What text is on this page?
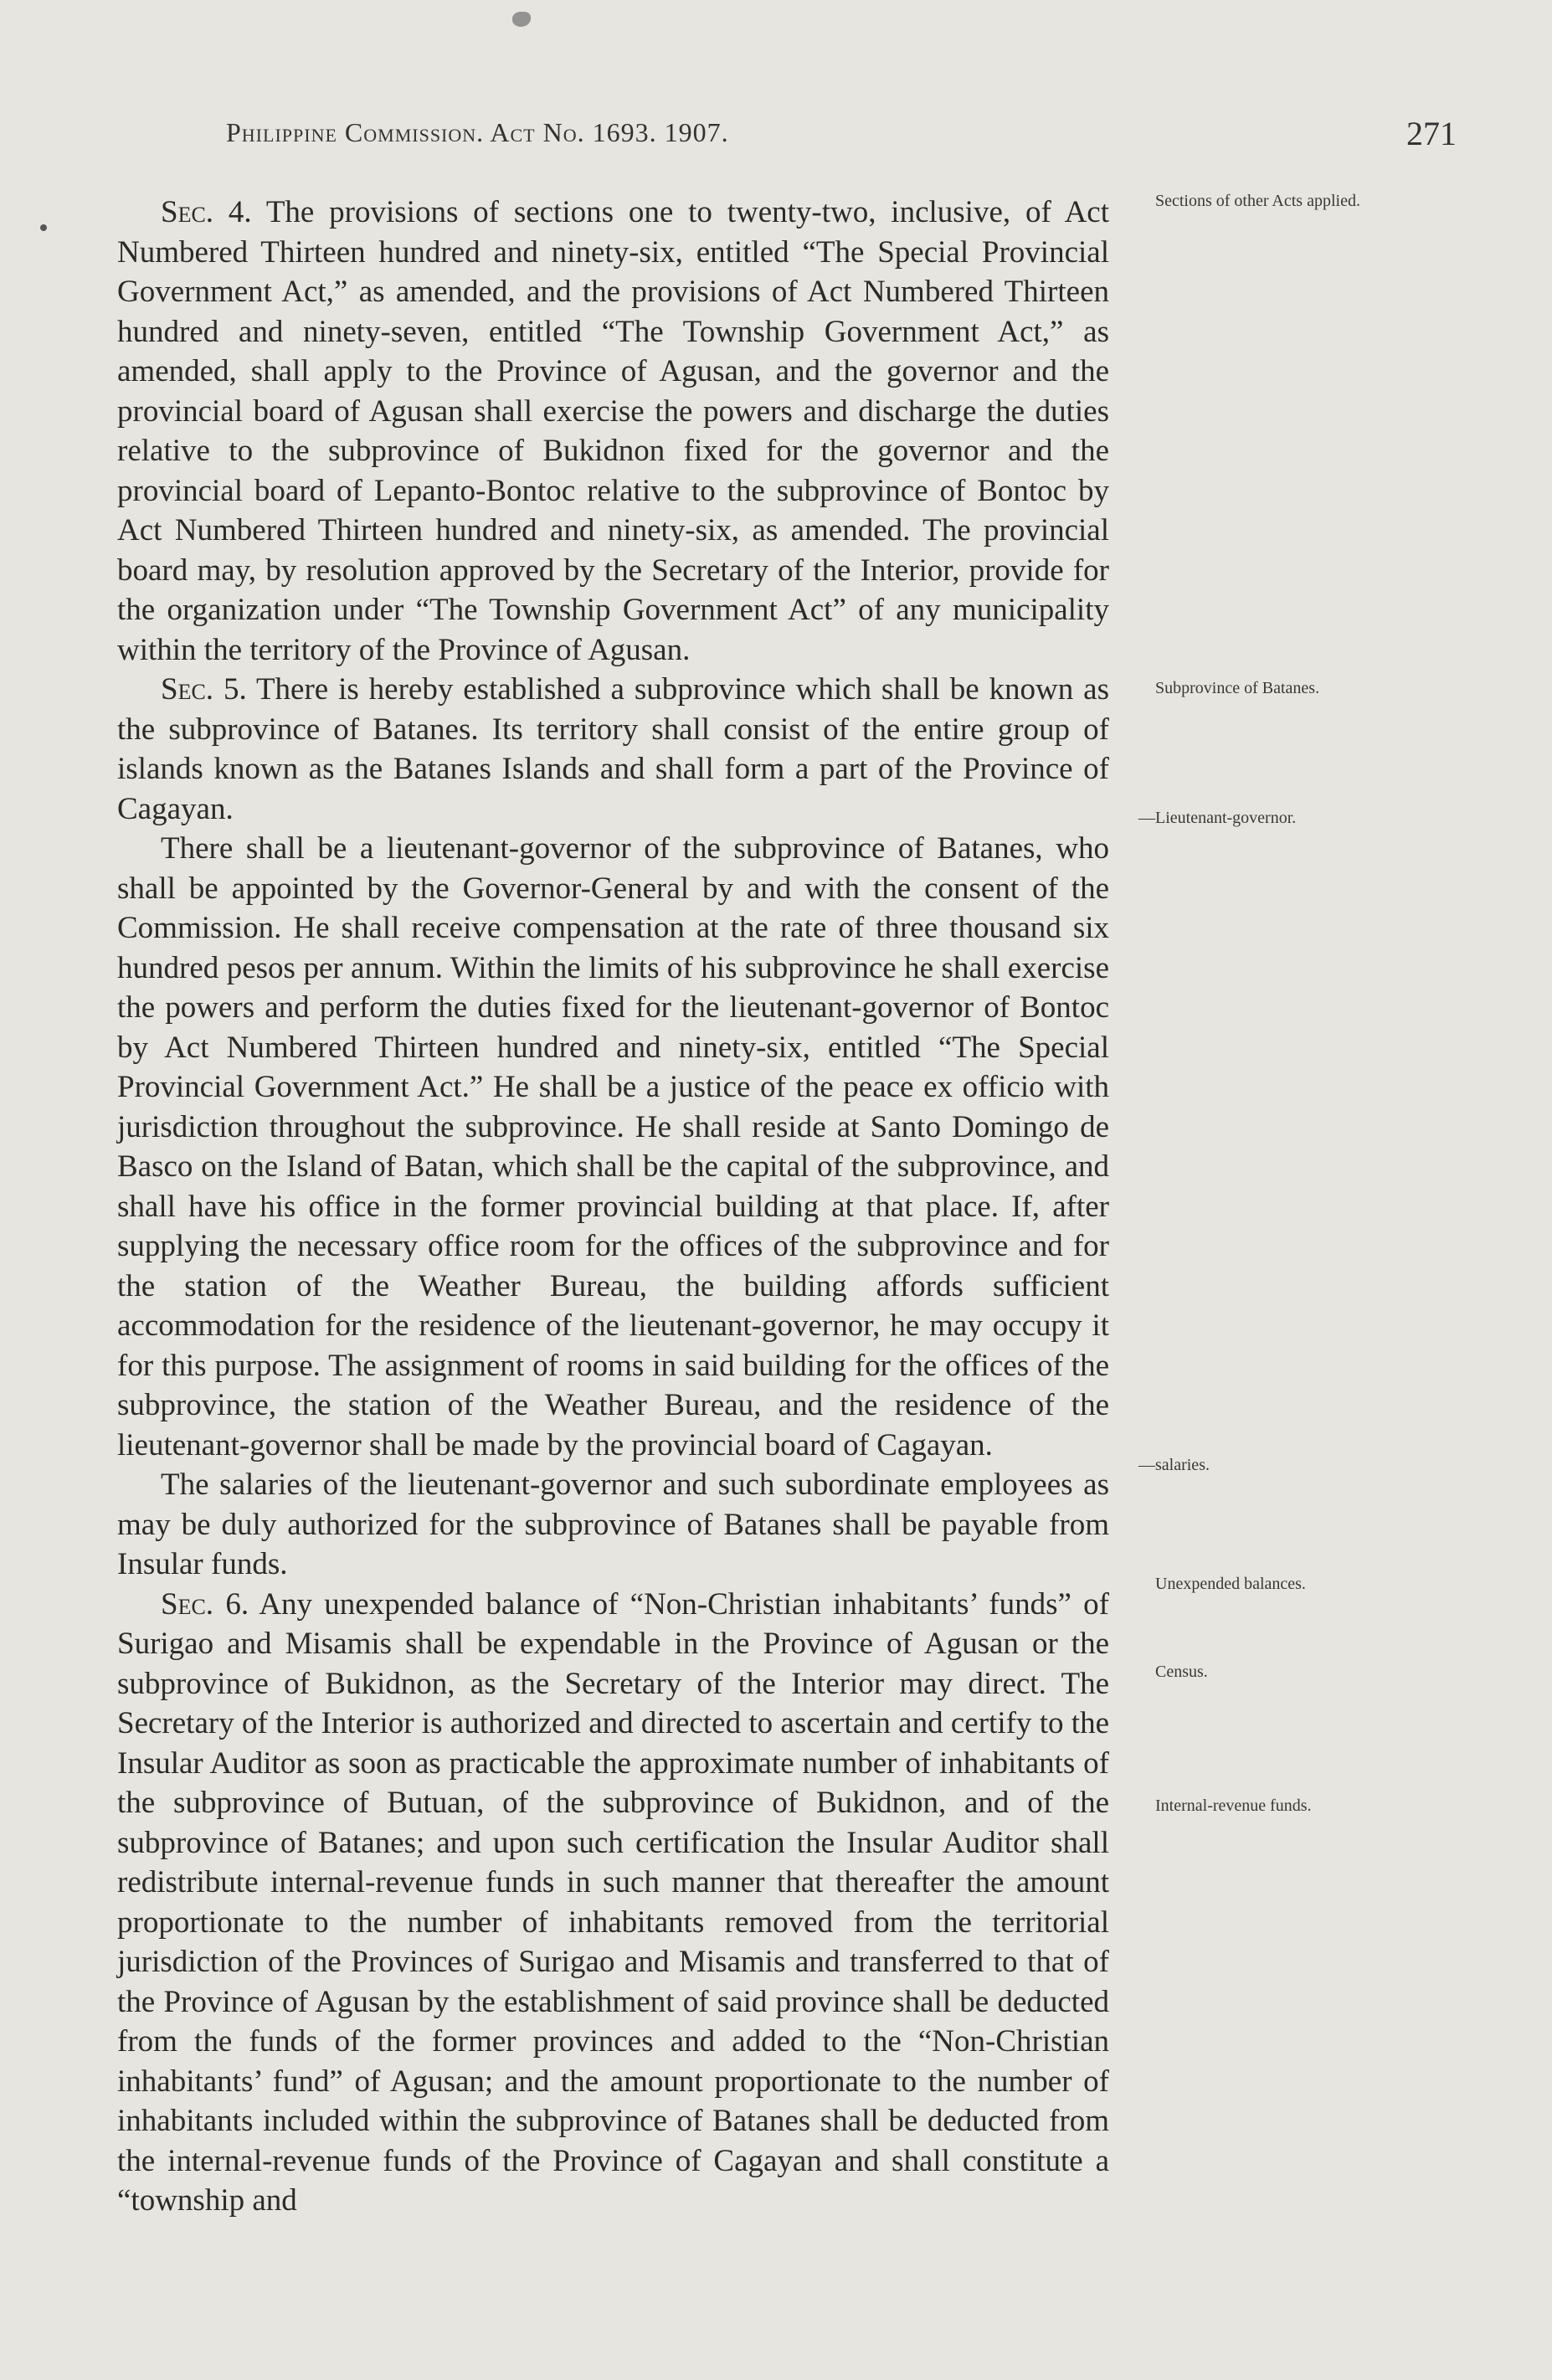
Philippine Commission. Act No. 1693. 1907.	271

Sec. 4. The provisions of sections one to twenty-two, inclusive, of Act Numbered Thirteen hundred and ninety-six, entitled “The Special Provincial Government Act,” as amended, and the provisions of Act Numbered Thirteen hundred and ninety-seven, entitled “The Township Government Act,” as amended, shall apply to the Province of Agusan, and the governor and the provincial board of Agusan shall exercise the powers and discharge the duties relative to the subprovince of Bukidnon fixed for the governor and the provincial board of Lepanto-Bontoc relative to the subprovince of Bontoc by Act Numbered Thirteen hundred and ninety-six, as amended. The provincial board may, by resolution approved by the Secretary of the Interior, provide for the organization under “The Township Government Act” of any municipality within the territory of the Province of Agusan.

Sec. 5. There is hereby established a subprovince which shall be known as the subprovince of Batanes. Its territory shall consist of the entire group of islands known as the Batanes Islands and shall form a part of the Province of Cagayan.

There shall be a lieutenant-governor of the subprovince of Batanes, who shall be appointed by the Governor-General by and with the consent of the Commission. He shall receive compensation at the rate of three thousand six hundred pesos per annum. Within the limits of his subprovince he shall exercise the powers and perform the duties fixed for the lieutenant-governor of Bontoc by Act Numbered Thirteen hundred and ninety-six, entitled “The Special Provincial Government Act.” He shall be a justice of the peace ex officio with jurisdiction throughout the subprovince. He shall reside at Santo Domingo de Basco on the Island of Batan, which shall be the capital of the subprovince, and shall have his office in the former provincial building at that place. If, after supplying the necessary office room for the offices of the subprovince and for the station of the Weather Bureau, the building affords sufficient accommodation for the residence of the lieutenant-governor, he may occupy it for this purpose. The assignment of rooms in said building for the offices of the subprovince, the station of the Weather Bureau, and the residence of the lieutenant-governor shall be made by the provincial board of Cagayan.

The salaries of the lieutenant-governor and such subordinate employees as may be duly authorized for the subprovince of Batanes shall be payable from Insular funds.

Sec. 6. Any unexpended balance of “Non-Christian inhabitants’ funds” of Surigao and Misamis shall be expendable in the Province of Agusan or the subprovince of Bukidnon, as the Secretary of the Interior may direct. The Secretary of the Interior is authorized and directed to ascertain and certify to the Insular Auditor as soon as practicable the approximate number of inhabitants of the subprovince of Butuan, of the subprovince of Bukidnon, and of the subprovince of Batanes; and upon such certification the Insular Auditor shall redistribute internal-revenue funds in such manner that thereafter the amount proportionate to the number of inhabitants removed from the territorial jurisdiction of the Provinces of Surigao and Misamis and transferred to that of the Province of Agusan by the establishment of said province shall be deducted from the funds of the former provinces and added to the “Non-Christian inhabitants’ fund” of Agusan; and the amount proportionate to the number of inhabitants included within the subprovince of Batanes shall be deducted from the internal-revenue funds of the Province of Cagayan and shall constitute a “township and

Sections of other Acts applied.
Subprovince of Batanes.
—Lieutenant-governor.
—salaries.
Unexpended balances.
Census.
Internal-revenue funds.
